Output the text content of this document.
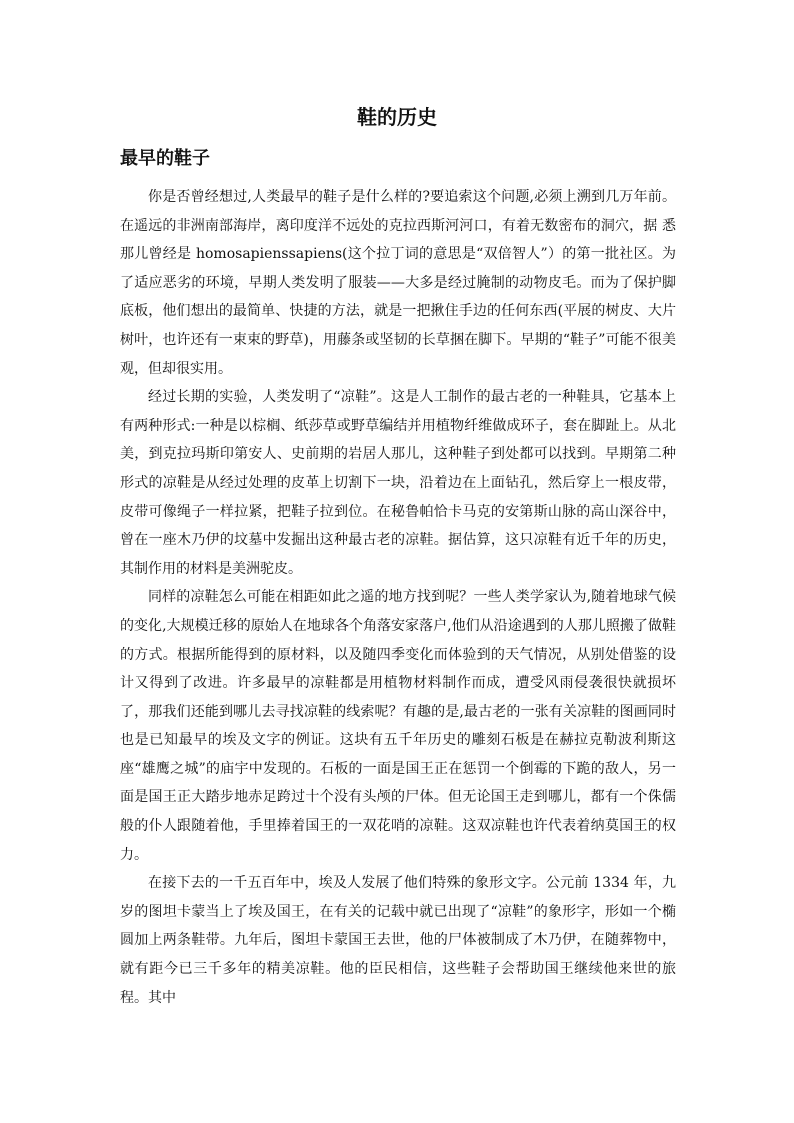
鞋的历史
最早的鞋子

你是否曾经想过,人类最早的鞋子是什么样的?要追索这个问题,必须上溯到几万年前。在遥远的非洲南部海岸，离印度洋不远处的克拉西斯河河口，有着无数密布的洞穴，据 悉那儿曾经是 homosapienssapiens(这个拉丁词的意思是“双倍智人”）的第一批社区。为了适应恶劣的环境，早期人类发明了服装——大多是经过腌制的动物皮毛。而为了保护脚底板，他们想出的最简单、快捷的方法，就是一把揪住手边的任何东西(平展的树皮、大片树叶，也许还有一束束的野草)，用藤条或坚韧的长草捆在脚下。早期的“鞋子”可能不很美观，但却很实用。

经过长期的实验，人类发明了“凉鞋”。这是人工制作的最古老的一种鞋具，它基本上有两种形式:一种是以棕榈、纸莎草或野草编结并用植物纤维做成环子，套在脚趾上。从北美，到克拉玛斯印第安人、史前期的岩居人那儿，这种鞋子到处都可以找到。早期第二种形式的凉鞋是从经过处理的皮革上切割下一块，沿着边在上面钻孔，然后穿上一根皮带，皮带可像绳子一样拉紧，把鞋子拉到位。在秘鲁帕恰卡马克的安第斯山脉的高山深谷中，曾在一座木乃伊的坟墓中发掘出这种最古老的凉鞋。据估算，这只凉鞋有近千年的历史，其制作用的材料是美洲驼皮。

同样的凉鞋怎么可能在相距如此之遥的地方找到呢？一些人类学家认为,随着地球气候的变化,大规模迁移的原始人在地球各个角落安家落户,他们从沿途遇到的人那儿照搬了做鞋的方式。根据所能得到的原材料，以及随四季变化而体验到的天气情况，从别处借鉴的设计又得到了改进。许多最早的凉鞋都是用植物材料制作而成，遭受风雨侵袭很快就损坏了，那我们还能到哪儿去寻找凉鞋的线索呢？有趣的是,最古老的一张有关凉鞋的图画同时也是已知最早的埃及文字的例证。这块有五千年历史的雕刻石板是在赫拉克勒波利斯这座“雄鹰之城”的庙宇中发现的。石板的一面是国王正在惩罚一个倒霉的下跪的敌人，另一面是国王正大踏步地赤足跨过十个没有头颅的尸体。但无论国王走到哪儿，都有一个侏儒般的仆人跟随着他，手里捧着国王的一双花哨的凉鞋。这双凉鞋也许代表着纳莫国王的权力。

在接下去的一千五百年中，埃及人发展了他们特殊的象形文字。公元前 1334 年，九岁的图坦卡蒙当上了埃及国王，在有关的记载中就已出现了“凉鞋”的象形字，形如一个椭圆加上两条鞋带。九年后，图坦卡蒙国王去世，他的尸体被制成了木乃伊，在随葬物中，就有距今已三千多年的精美凉鞋。他的臣民相信，这些鞋子会帮助国王继续他来世的旅程。其中
